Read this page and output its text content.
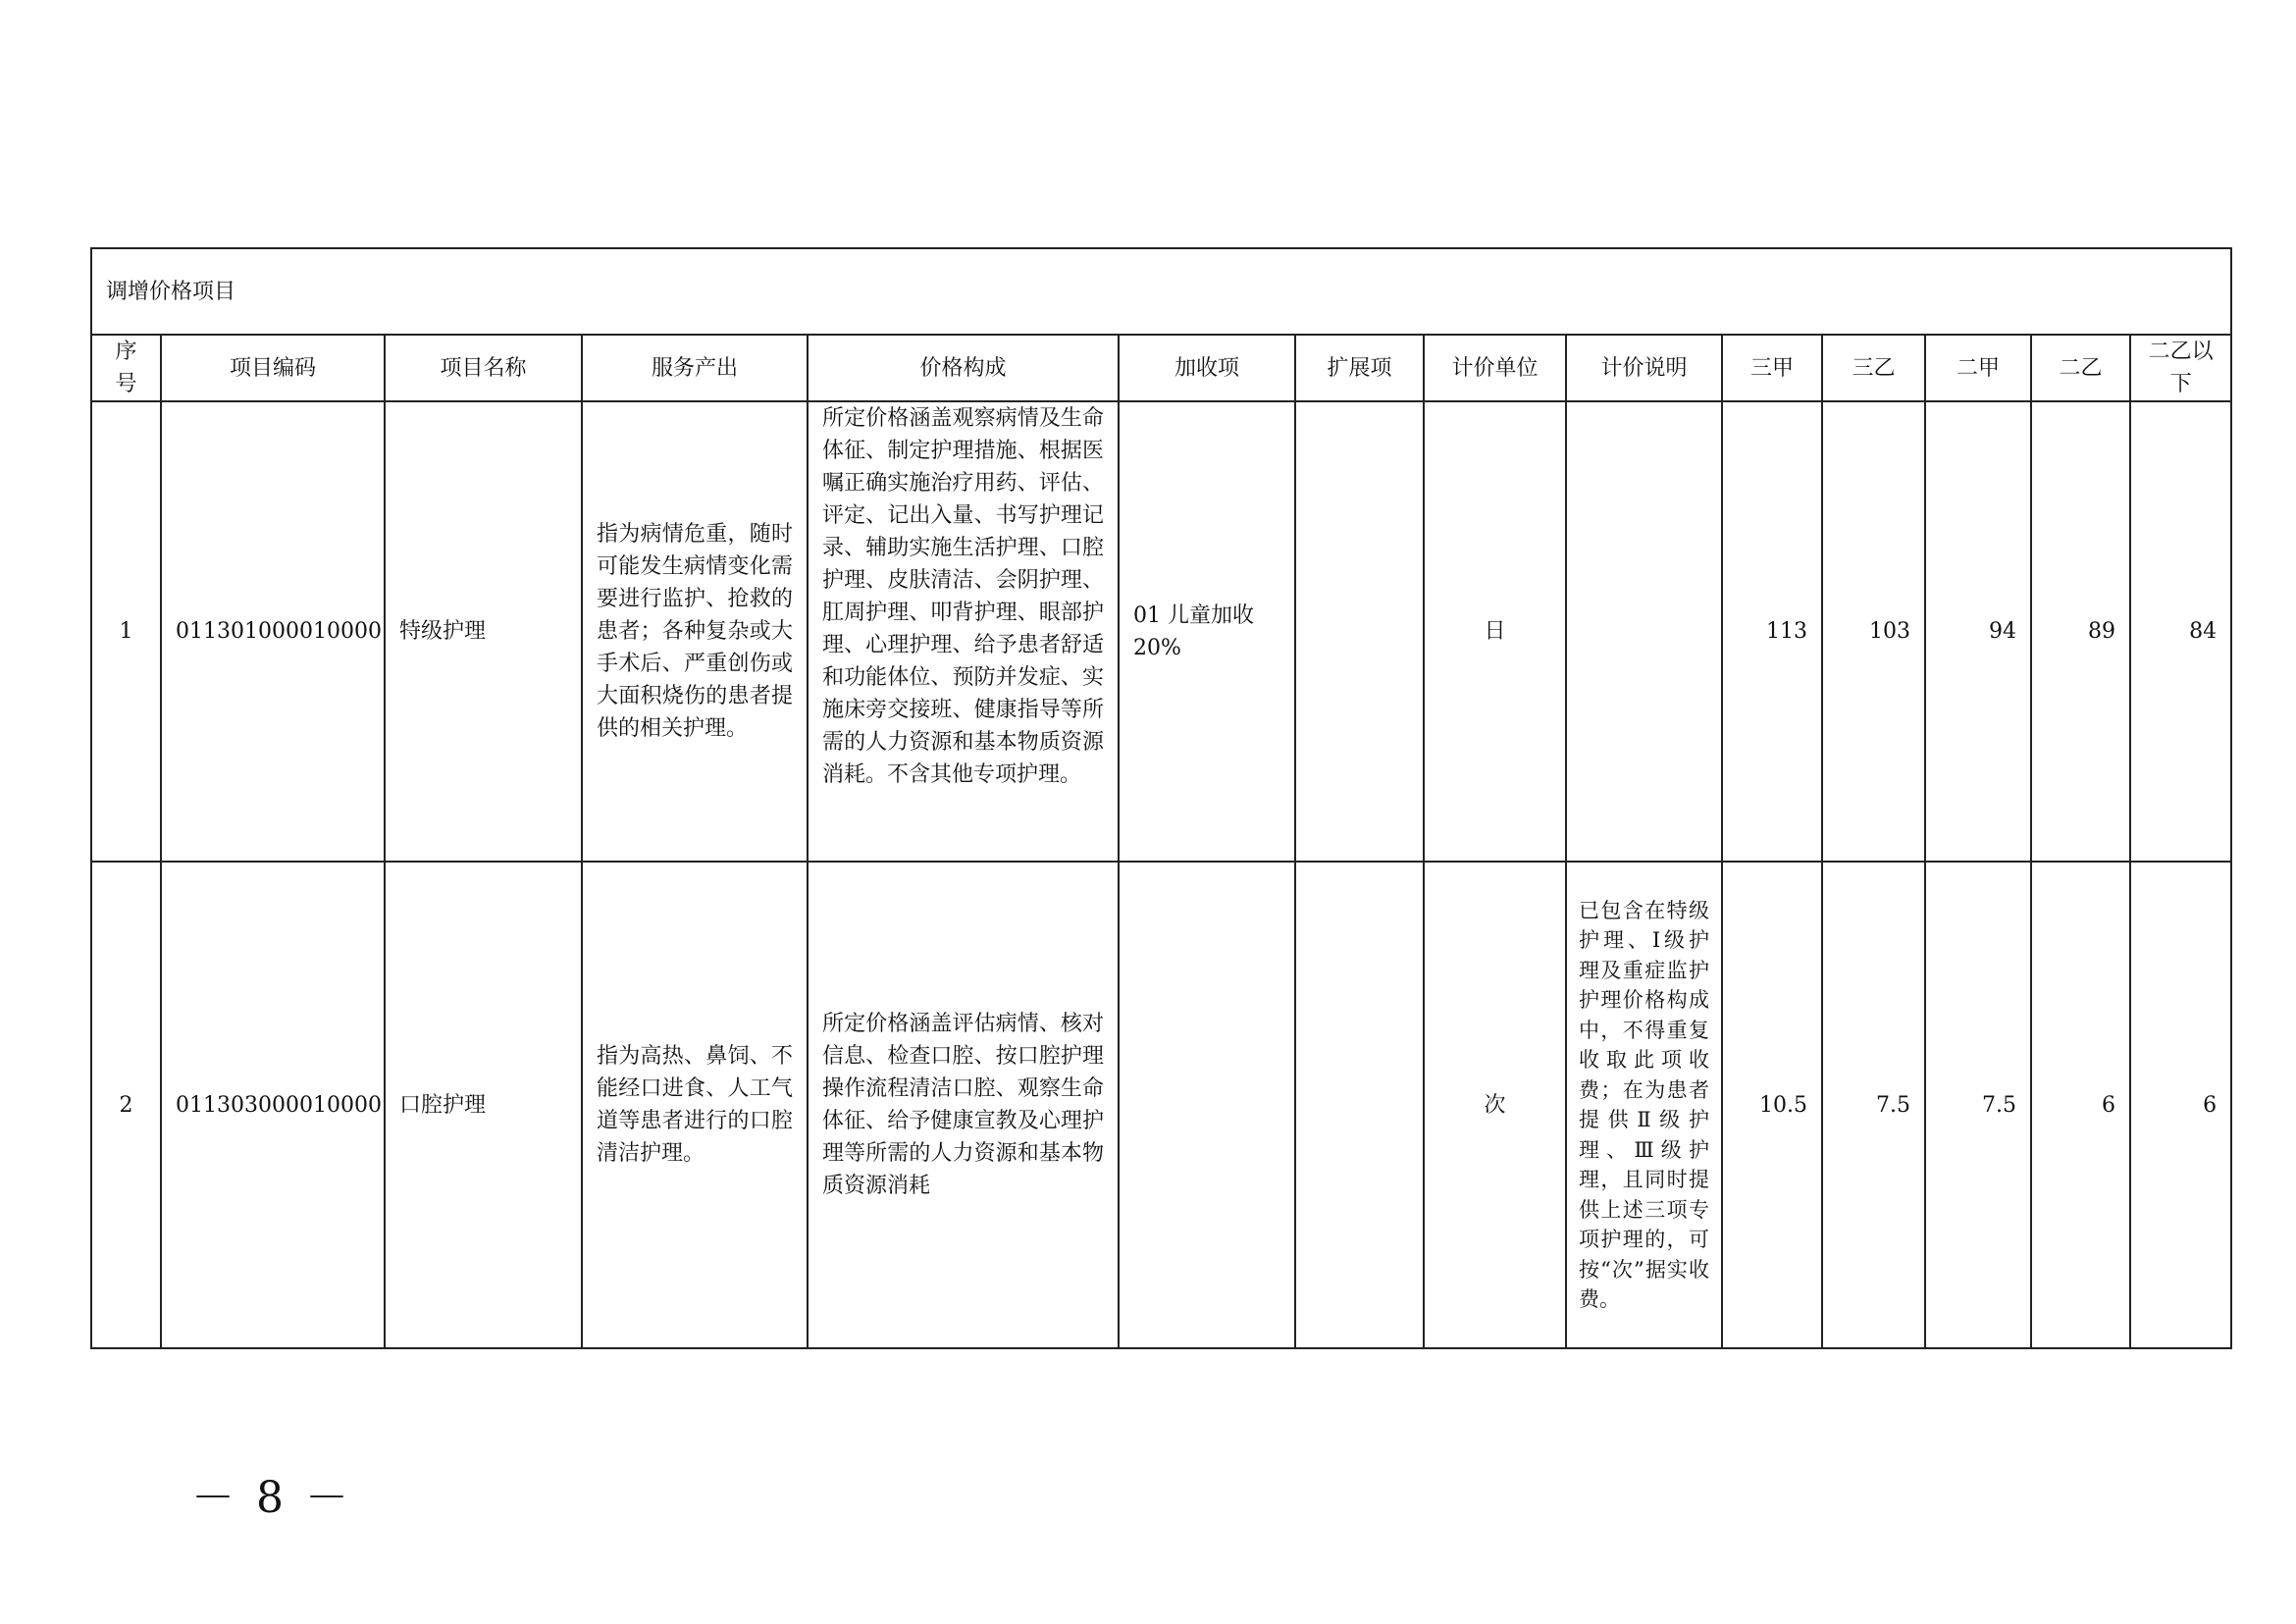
调增价格项目													
序号	项目编码	项目名称	服务产出	价格构成	加收项	扩展项	计价单位	计价说明	三甲	三乙	二甲	二乙	二乙以下
1	011301000010000	特级护理	指为病情危重，随时可能发生病情变化需要进行监护、抢救的患者；各种复杂或大手术后、严重创伤或大面积烧伤的患者提供的相关护理。	所定价格涵盖观察病情及生命体征、制定护理措施、根据医嘱正确实施治疗用药、评估、评定、记出入量、书写护理记录、辅助实施生活护理、口腔护理、皮肤清洁、会阴护理、肛周护理、叩背护理、眼部护理、心理护理、给予患者舒适和功能体位、预防并发症、实施床旁交接班、健康指导等所需的人力资源和基本物质资源消耗。不含其他专项护理。	01 儿童加收20%		日		113	103	94	89	84
2	011303000010000	口腔护理	指为高热、鼻饲、不能经口进食、人工气道等患者进行的口腔清洁护理。	所定价格涵盖评估病情、核对信息、检查口腔、按口腔护理操作流程清洁口腔、观察生命体征、给予健康宣教及心理护理等所需的人力资源和基本物质资源消耗			次	已包含在特级护理、Ⅰ级护理及重症监护护理价格构成中，不得重复收取此项收费；在为患者提供Ⅱ级护理、Ⅲ级护理，且同时提供上述三项专项护理的，可按“次”据实收费。	10.5	7.5	7.5	6	6
－ 8 －
